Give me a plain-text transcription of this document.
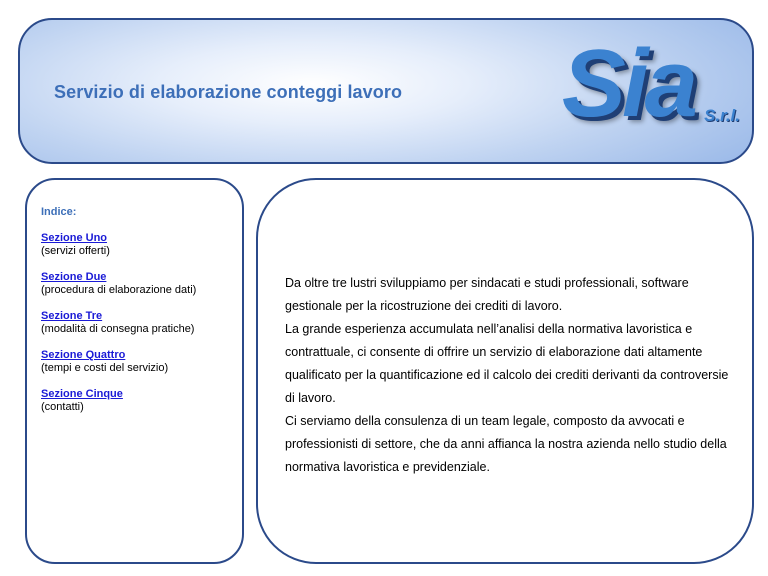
Servizio di elaborazione conteggi lavoro Sia S.r.l.
Indice:
Sezione Uno
(servizi offerti)
Sezione Due
(procedura di elaborazione dati)
Sezione Tre
(modalità di consegna pratiche)
Sezione Quattro
(tempi e costi del servizio)
Sezione Cinque
(contatti)

Da oltre tre lustri sviluppiamo per sindacati e studi professionali, software gestionale per la ricostruzione dei crediti di lavoro.

La grande esperienza accumulata nell’analisi della normativa lavoristica e contrattuale, ci consente di offrire un servizio di elaborazione dati altamente qualificato per la quantificazione ed il calcolo dei crediti derivanti da controversie di lavoro.

Ci serviamo della consulenza di un team legale, composto da avvocati e professionisti di settore, che da anni affianca la nostra azienda nello studio della normativa lavoristica e previdenziale.
